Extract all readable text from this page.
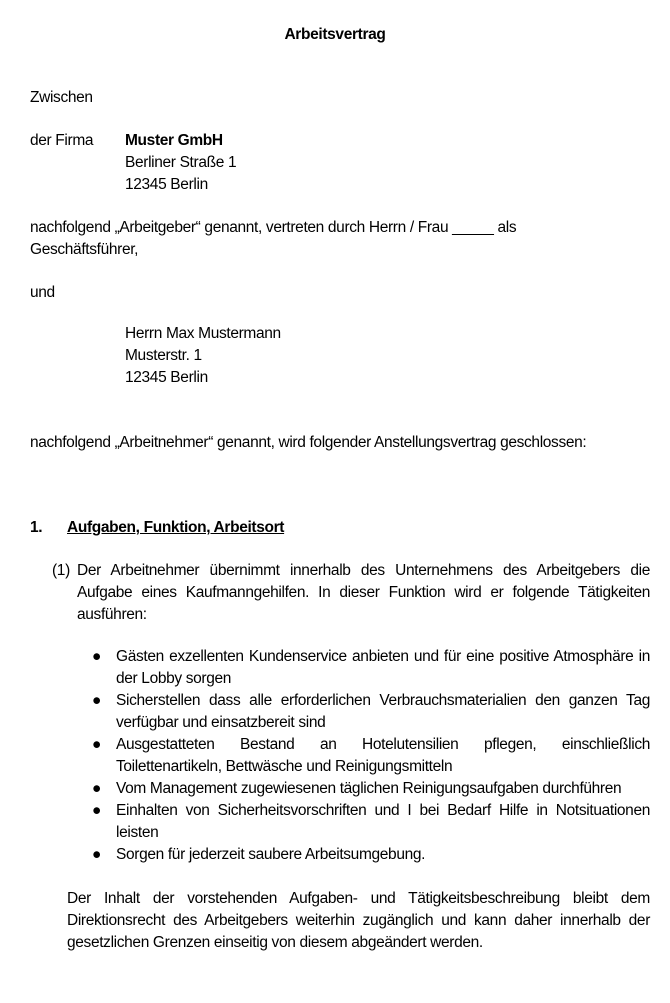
Arbeitsvertrag
Zwischen
der Firma Muster GmbH
Berliner Straße 1
12345 Berlin
nachfolgend „Arbeitgeber“ genannt, vertreten durch Herrn / Frau _____ als Geschäftsführer,
und
Herrn Max Mustermann
Musterstr. 1
12345 Berlin
nachfolgend „Arbeitnehmer“ genannt, wird folgender Anstellungsvertrag geschlossen:
1. Aufgaben, Funktion, Arbeitsort
(1) Der Arbeitnehmer übernimmt innerhalb des Unternehmens des Arbeitgebers die Aufgabe eines Kaufmanngehilfen. In dieser Funktion wird er folgende Tätigkeiten ausführen:
● Gästen exzellenten Kundenservice anbieten und für eine positive Atmosphäre in der Lobby sorgen
● Sicherstellen dass alle erforderlichen Verbrauchsmaterialien den ganzen Tag verfügbar und einsatzbereit sind
● Ausgestatteten Bestand an Hotelutensilien pflegen, einschließlich Toilettenartikeln, Bettwäsche und Reinigungsmitteln
● Vom Management zugewiesenen täglichen Reinigungsaufgaben durchführen
● Einhalten von Sicherheitsvorschriften und I bei Bedarf Hilfe in Notsituationen leisten
● Sorgen für jederzeit saubere Arbeitsumgebung.
Der Inhalt der vorstehenden Aufgaben- und Tätigkeitsbeschreibung bleibt dem Direktionsrecht des Arbeitgebers weiterhin zugänglich und kann daher innerhalb der gesetzlichen Grenzen einseitig von diesem abgeändert werden.
